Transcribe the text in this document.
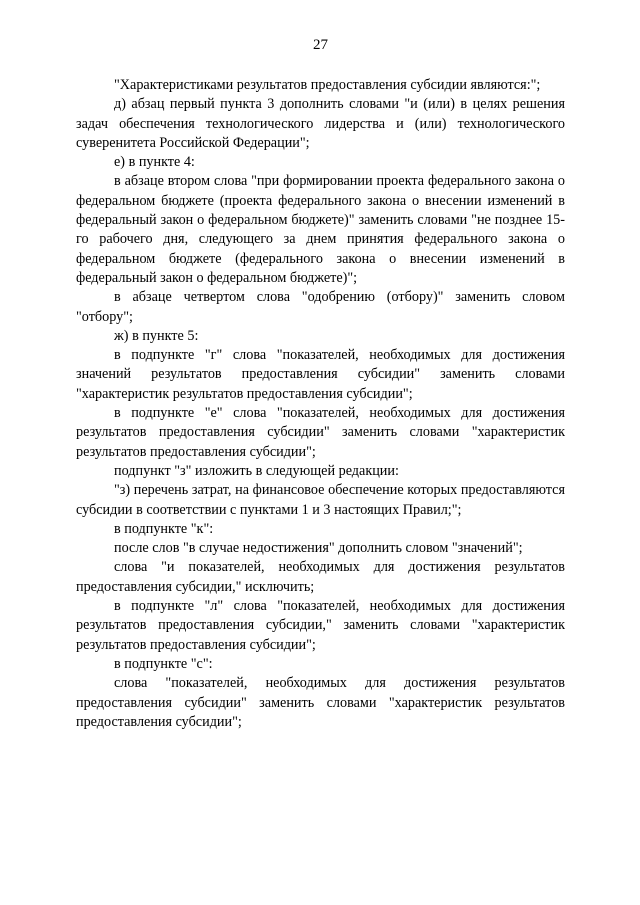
27

"Характеристиками результатов предоставления субсидии являются:";

д) абзац первый пункта 3 дополнить словами "и (или) в целях решения задач обеспечения технологического лидерства и (или) технологического суверенитета Российской Федерации";

е) в пункте 4:

в абзаце втором слова "при формировании проекта федерального закона о федеральном бюджете (проекта федерального закона о внесении изменений в федеральный закон о федеральном бюджете)" заменить словами "не позднее 15-го рабочего дня, следующего за днем принятия федерального закона о федеральном бюджете (федерального закона о внесении изменений в федеральный закон о федеральном бюджете)";

в абзаце четвертом слова "одобрению (отбору)" заменить словом "отбору";

ж) в пункте 5:

в подпункте "г" слова "показателей, необходимых для достижения значений результатов предоставления субсидии" заменить словами "характеристик результатов предоставления субсидии";

в подпункте "е" слова "показателей, необходимых для достижения результатов предоставления субсидии" заменить словами "характеристик результатов предоставления субсидии";

подпункт "з" изложить в следующей редакции:

"з) перечень затрат, на финансовое обеспечение которых предоставляются субсидии в соответствии с пунктами 1 и 3 настоящих Правил;";

в подпункте "к":

после слов "в случае недостижения" дополнить словом "значений";

слова "и показателей, необходимых для достижения результатов предоставления субсидии," исключить;

в подпункте "л" слова "показателей, необходимых для достижения результатов предоставления субсидии," заменить словами "характеристик результатов предоставления субсидии";

в подпункте "с":

слова "показателей, необходимых для достижения результатов предоставления субсидии" заменить словами "характеристик результатов предоставления субсидии";
